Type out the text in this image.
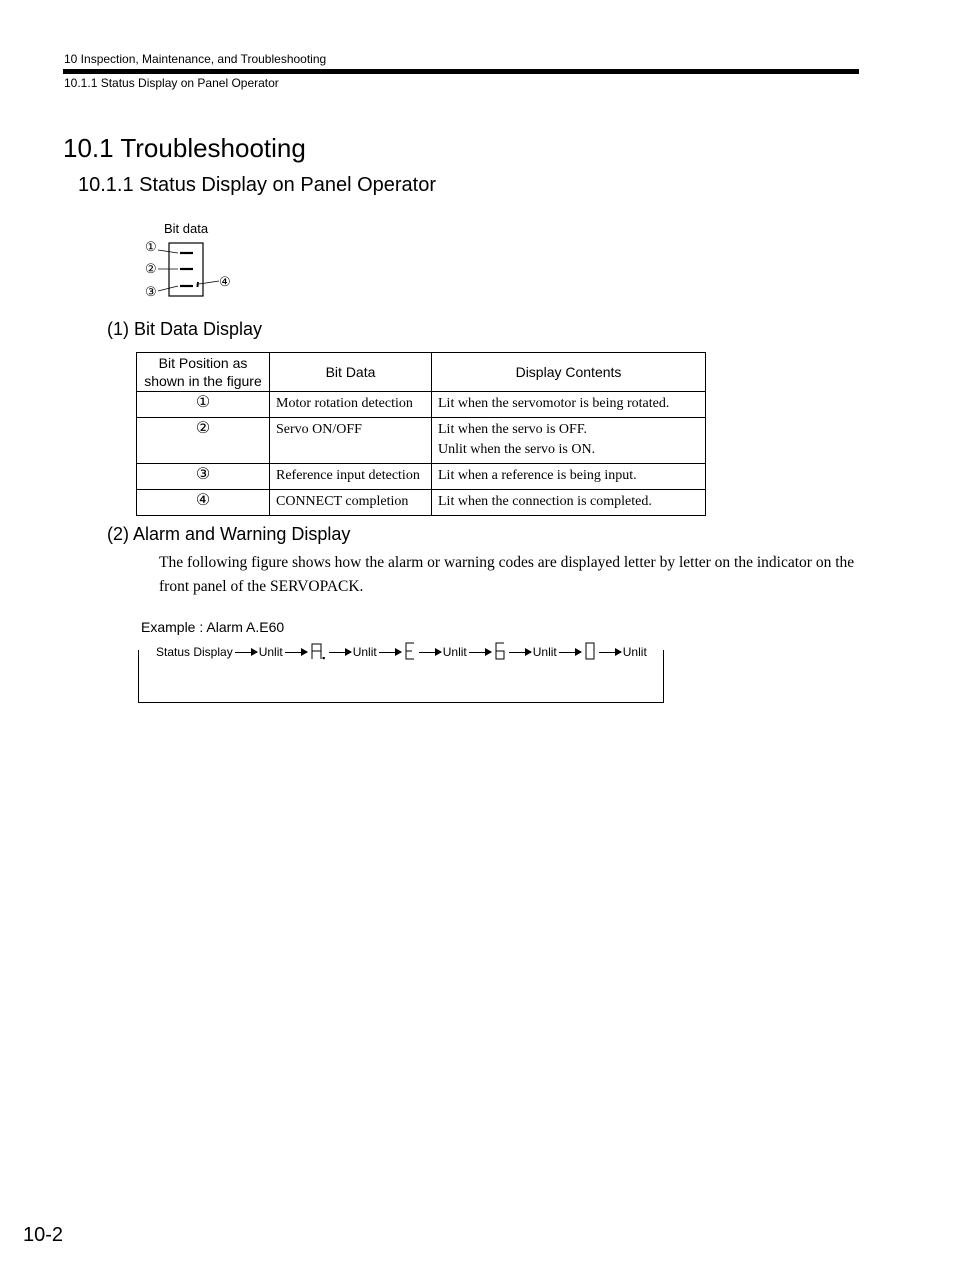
10 Inspection, Maintenance, and Troubleshooting
10.1.1 Status Display on Panel Operator
10.1 Troubleshooting
10.1.1 Status Display on Panel Operator
Bit data
①
②
③
④
(1) Bit Data Display
Bit Position as shown in the figure	Bit Data	Display Contents
①	Motor rotation detection	Lit when the servomotor is being rotated.
②	Servo ON/OFF	Lit when the servo is OFF.
Unlit when the servo is ON.

③	Reference input detection	Lit when a reference is being input.
④	CONNECT completion	Lit when the connection is completed.
(2) Alarm and Warning Display
The following figure shows how the alarm or warning codes are displayed letter by letter on the indicator on the front panel of the SERVOPACK.
Example : Alarm A.E60
Status Display Unlit	Unlit	Unlit	Unlit	Unlit
10-2
